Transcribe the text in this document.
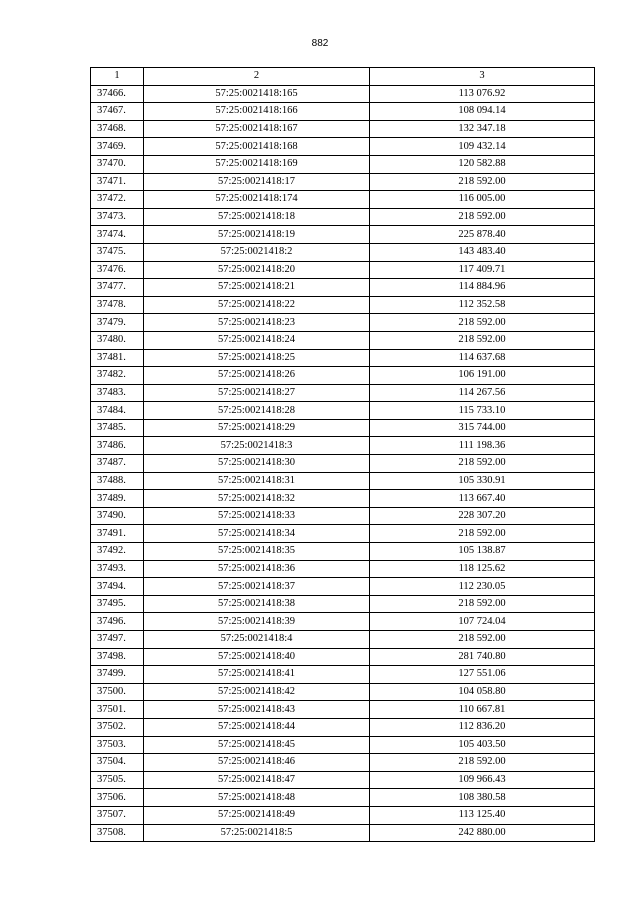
882
1	2	3
37466.	57:25:0021418:165	113 076.92
37467.	57:25:0021418:166	108 094.14
37468.	57:25:0021418:167	132 347.18
37469.	57:25:0021418:168	109 432.14
37470.	57:25:0021418:169	120 582.88
37471.	57:25:0021418:17	218 592.00
37472.	57:25:0021418:174	116 005.00
37473.	57:25:0021418:18	218 592.00
37474.	57:25:0021418:19	225 878.40
37475.	57:25:0021418:2	143 483.40
37476.	57:25:0021418:20	117 409.71
37477.	57:25:0021418:21	114 884.96
37478.	57:25:0021418:22	112 352.58
37479.	57:25:0021418:23	218 592.00
37480.	57:25:0021418:24	218 592.00
37481.	57:25:0021418:25	114 637.68
37482.	57:25:0021418:26	106 191.00
37483.	57:25:0021418:27	114 267.56
37484.	57:25:0021418:28	115 733.10
37485.	57:25:0021418:29	315 744.00
37486.	57:25:0021418:3	111 198.36
37487.	57:25:0021418:30	218 592.00
37488.	57:25:0021418:31	105 330.91
37489.	57:25:0021418:32	113 667.40
37490.	57:25:0021418:33	228 307.20
37491.	57:25:0021418:34	218 592.00
37492.	57:25:0021418:35	105 138.87
37493.	57:25:0021418:36	118 125.62
37494.	57:25:0021418:37	112 230.05
37495.	57:25:0021418:38	218 592.00
37496.	57:25:0021418:39	107 724.04
37497.	57:25:0021418:4	218 592.00
37498.	57:25:0021418:40	281 740.80
37499.	57:25:0021418:41	127 551.06
37500.	57:25:0021418:42	104 058.80
37501.	57:25:0021418:43	110 667.81
37502.	57:25:0021418:44	112 836.20
37503.	57:25:0021418:45	105 403.50
37504.	57:25:0021418:46	218 592.00
37505.	57:25:0021418:47	109 966.43
37506.	57:25:0021418:48	108 380.58
37507.	57:25:0021418:49	113 125.40
37508.	57:25:0021418:5	242 880.00
